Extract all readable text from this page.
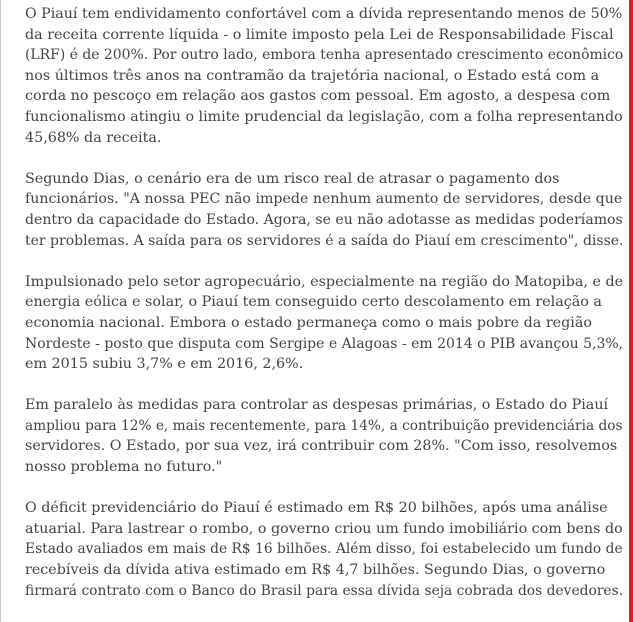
O Piauí tem endividamento confortável com a dívida representando menos de 50%
da receita corrente líquida - o limite imposto pela Lei de Responsabilidade Fiscal
(LRF) é de 200%. Por outro lado, embora tenha apresentado crescimento econômico
nos últimos três anos na contramão da trajetória nacional, o Estado está com a
corda no pescoço em relação aos gastos com pessoal. Em agosto, a despesa com
funcionalismo atingiu o limite prudencial da legislação, com a folha representando
45,68% da receita.

Segundo Dias, o cenário era de um risco real de atrasar o pagamento dos
funcionários. "A nossa PEC não impede nenhum aumento de servidores, desde que
dentro da capacidade do Estado. Agora, se eu não adotasse as medidas poderíamos
ter problemas. A saída para os servidores é a saída do Piauí em crescimento", disse.

Impulsionado pelo setor agropecuário, especialmente na região do Matopiba, e de
energia eólica e solar, o Piauí tem conseguido certo descolamento em relação a
economia nacional. Embora o estado permaneça como o mais pobre da região
Nordeste - posto que disputa com Sergipe e Alagoas - em 2014 o PIB avançou 5,3%,
em 2015 subiu 3,7% e em 2016, 2,6%.

Em paralelo às medidas para controlar as despesas primárias, o Estado do Piauí
ampliou para 12% e, mais recentemente, para 14%, a contribuição previdenciária dos
servidores. O Estado, por sua vez, irá contribuir com 28%. "Com isso, resolvemos
nosso problema no futuro."

O déficit previdenciário do Piauí é estimado em R$ 20 bilhões, após uma análise
atuarial. Para lastrear o rombo, o governo criou um fundo imobiliário com bens do
Estado avaliados em mais de R$ 16 bilhões. Além disso, foi estabelecido um fundo de
recebíveis da dívida ativa estimado em R$ 4,7 bilhões. Segundo Dias, o governo
firmará contrato com o Banco do Brasil para essa dívida seja cobrada dos devedores.
